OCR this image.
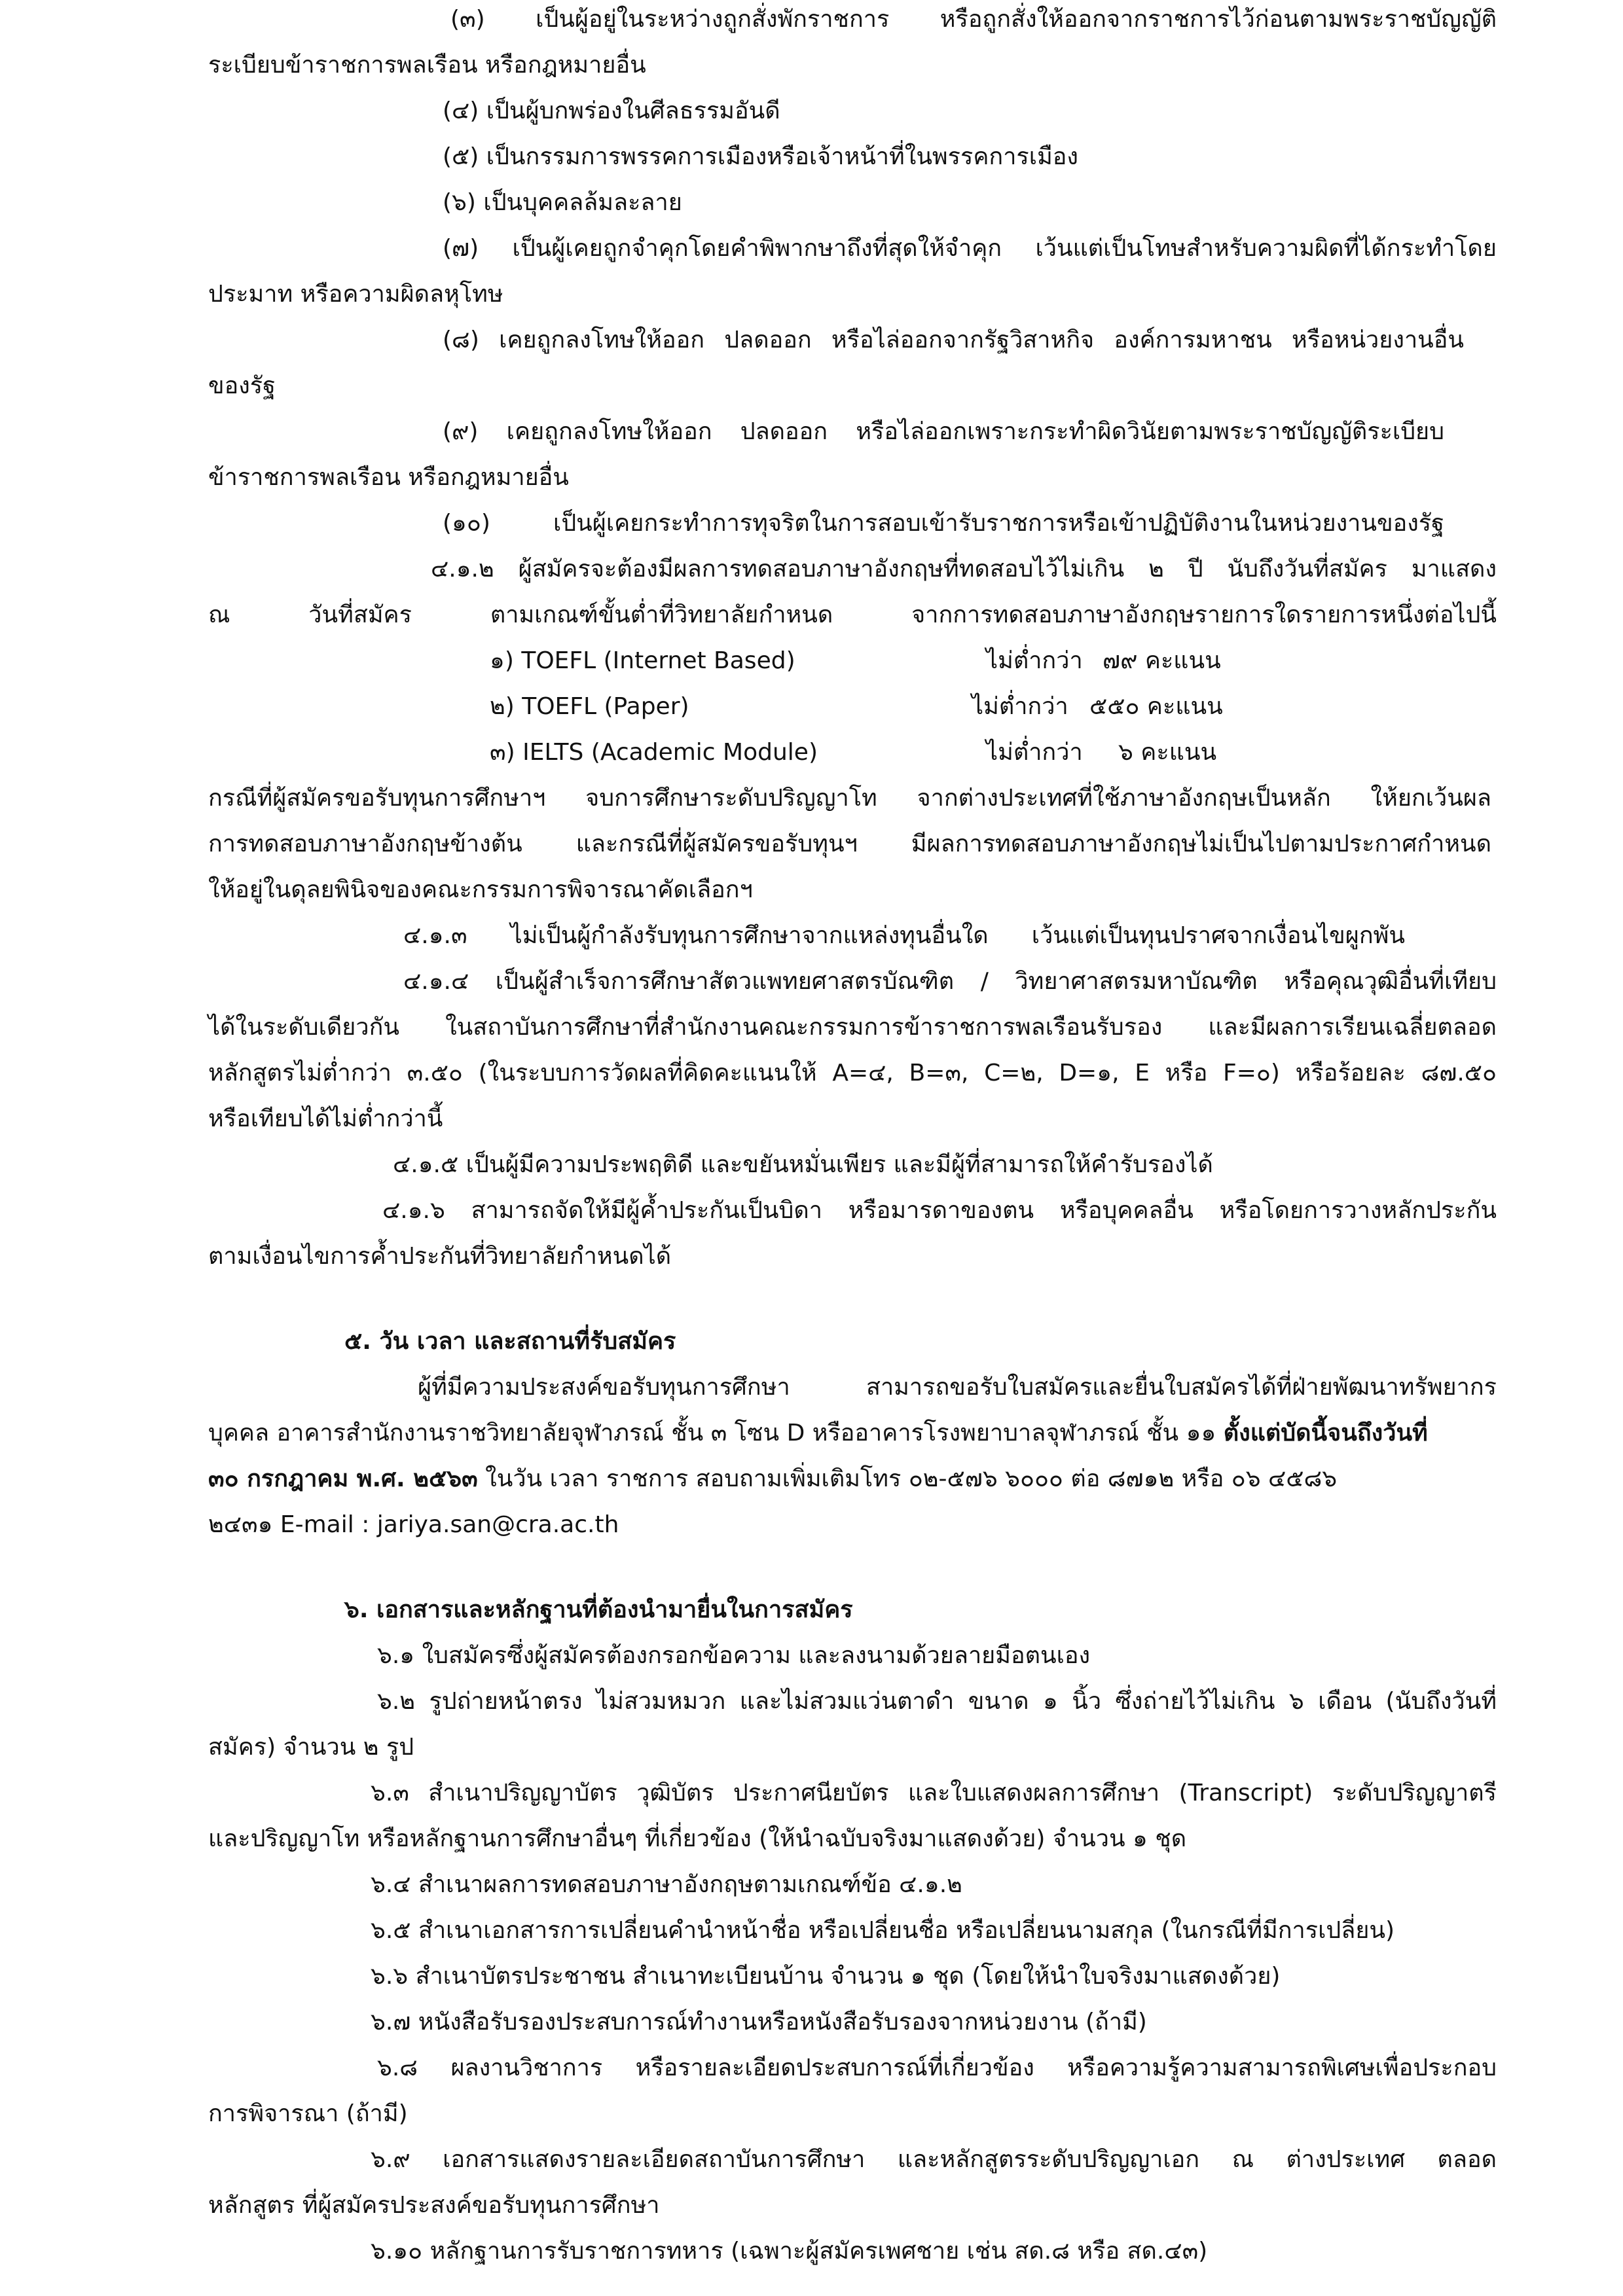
(๓) เป็นผู้อยู่ในระหว่างถูกสั่งพักราชการ หรือถูกสั่งให้ออกจากราชการไว้ก่อนตามพระราชบัญญัติ
ระเบียบข้าราชการพลเรือน หรือกฎหมายอื่น
(๔) เป็นผู้บกพร่องในศีลธรรมอันดี
(๕) เป็นกรรมการพรรคการเมืองหรือเจ้าหน้าที่ในพรรคการเมือง
(๖) เป็นบุคคลล้มละลาย
(๗) เป็นผู้เคยถูกจำคุกโดยคำพิพากษาถึงที่สุดให้จำคุก เว้นแต่เป็นโทษสำหรับความผิดที่ได้กระทำโดย
ประมาท หรือความผิดลหุโทษ
(๘) เคยถูกลงโทษให้ออก ปลดออก หรือไล่ออกจากรัฐวิสาหกิจ องค์การมหาชน หรือหน่วยงานอื่น
ของรัฐ
(๙) เคยถูกลงโทษให้ออก ปลดออก หรือไล่ออกเพราะกระทำผิดวินัยตามพระราชบัญญัติระเบียบ
ข้าราชการพลเรือน หรือกฎหมายอื่น
(๑๐) เป็นผู้เคยกระทำการทุจริตในการสอบเข้ารับราชการหรือเข้าปฏิบัติงานในหน่วยงานของรัฐ
๔.๑.๒ ผู้สมัครจะต้องมีผลการทดสอบภาษาอังกฤษที่ทดสอบไว้ไม่เกิน ๒ ปี นับถึงวันที่สมัคร มาแสดง
ณ วันที่สมัคร ตามเกณฑ์ขั้นต่ำที่วิทยาลัยกำหนด จากการทดสอบภาษาอังกฤษรายการใดรายการหนึ่งต่อไปนี้
๑) TOEFL (Internet Based)	ไม่ต่ำกว่า ๗๙ คะแนน
๒) TOEFL (Paper)	ไม่ต่ำกว่า ๕๕๐ คะแนน
๓) IELTS (Academic Module)	ไม่ต่ำกว่า ๖ คะแนน
กรณีที่ผู้สมัครขอรับทุนการศึกษาฯ จบการศึกษาระดับปริญญาโท จากต่างประเทศที่ใช้ภาษาอังกฤษเป็นหลัก ให้ยกเว้นผล
การทดสอบภาษาอังกฤษข้างต้น และกรณีที่ผู้สมัครขอรับทุนฯ มีผลการทดสอบภาษาอังกฤษไม่เป็นไปตามประกาศกำหนด
ให้อยู่ในดุลยพินิจของคณะกรรมการพิจารณาคัดเลือกฯ
๔.๑.๓ ไม่เป็นผู้กำลังรับทุนการศึกษาจากแหล่งทุนอื่นใด เว้นแต่เป็นทุนปราศจากเงื่อนไขผูกพัน
๔.๑.๔ เป็นผู้สำเร็จการศึกษาสัตวแพทยศาสตรบัณฑิต / วิทยาศาสตรมหาบัณฑิต หรือคุณวุฒิอื่นที่เทียบ
ได้ในระดับเดียวกัน ในสถาบันการศึกษาที่สำนักงานคณะกรรมการข้าราชการพลเรือนรับรอง และมีผลการเรียนเฉลี่ยตลอด
หลักสูตรไม่ต่ำกว่า ๓.๕๐ (ในระบบการวัดผลที่คิดคะแนนให้ A=๔, B=๓, C=๒, D=๑, E หรือ F=๐) หรือร้อยละ ๘๗.๕๐
หรือเทียบได้ไม่ต่ำกว่านี้
๔.๑.๕ เป็นผู้มีความประพฤติดี และขยันหมั่นเพียร และมีผู้ที่สามารถให้คำรับรองได้
๔.๑.๖ สามารถจัดให้มีผู้ค้ำประกันเป็นบิดา หรือมารดาของตน หรือบุคคลอื่น หรือโดยการวางหลักประกัน
ตามเงื่อนไขการค้ำประกันที่วิทยาลัยกำหนดได้
๕. วัน เวลา และสถานที่รับสมัคร
ผู้ที่มีความประสงค์ขอรับทุนการศึกษา สามารถขอรับใบสมัครและยื่นใบสมัครได้ที่ฝ่ายพัฒนาทรัพยากร
บุคคล อาคารสำนักงานราชวิทยาลัยจุฬาภรณ์ ชั้น ๓ โซน D หรืออาคารโรงพยาบาลจุฬาภรณ์ ชั้น ๑๑ ตั้งแต่บัดนี้จนถึงวันที่
๓๐ กรกฎาคม พ.ศ. ๒๕๖๓ ในวัน เวลา ราชการ สอบถามเพิ่มเติมโทร ๐๒-๕๗๖ ๖๐๐๐ ต่อ ๘๗๑๒ หรือ ๐๖ ๔๕๘๖
๒๔๓๑ E-mail : jariya.san@cra.ac.th
๖. เอกสารและหลักฐานที่ต้องนำมายื่นในการสมัคร
๖.๑ ใบสมัครซึ่งผู้สมัครต้องกรอกข้อความ และลงนามด้วยลายมือตนเอง
๖.๒ รูปถ่ายหน้าตรง ไม่สวมหมวก และไม่สวมแว่นตาดำ ขนาด ๑ นิ้ว ซึ่งถ่ายไว้ไม่เกิน ๖ เดือน (นับถึงวันที่
สมัคร) จำนวน ๒ รูป
๖.๓ สำเนาปริญญาบัตร วุฒิบัตร ประกาศนียบัตร และใบแสดงผลการศึกษา (Transcript) ระดับปริญญาตรี
และปริญญาโท หรือหลักฐานการศึกษาอื่นๆ ที่เกี่ยวข้อง (ให้นำฉบับจริงมาแสดงด้วย) จำนวน ๑ ชุด
๖.๔ สำเนาผลการทดสอบภาษาอังกฤษตามเกณฑ์ข้อ ๔.๑.๒
๖.๕ สำเนาเอกสารการเปลี่ยนคำนำหน้าชื่อ หรือเปลี่ยนชื่อ หรือเปลี่ยนนามสกุล (ในกรณีที่มีการเปลี่ยน)
๖.๖ สำเนาบัตรประชาชน สำเนาทะเบียนบ้าน จำนวน ๑ ชุด (โดยให้นำใบจริงมาแสดงด้วย)
๖.๗ หนังสือรับรองประสบการณ์ทำงานหรือหนังสือรับรองจากหน่วยงาน (ถ้ามี)
๖.๘ ผลงานวิชาการ หรือรายละเอียดประสบการณ์ที่เกี่ยวข้อง หรือความรู้ความสามารถพิเศษเพื่อประกอบ
การพิจารณา (ถ้ามี)
๖.๙ เอกสารแสดงรายละเอียดสถาบันการศึกษา และหลักสูตรระดับปริญญาเอก ณ ต่างประเทศ ตลอด
หลักสูตร ที่ผู้สมัครประสงค์ขอรับทุนการศึกษา
๖.๑๐ หลักฐานการรับราชการทหาร (เฉพาะผู้สมัครเพศชาย เช่น สด.๘ หรือ สด.๔๓)
